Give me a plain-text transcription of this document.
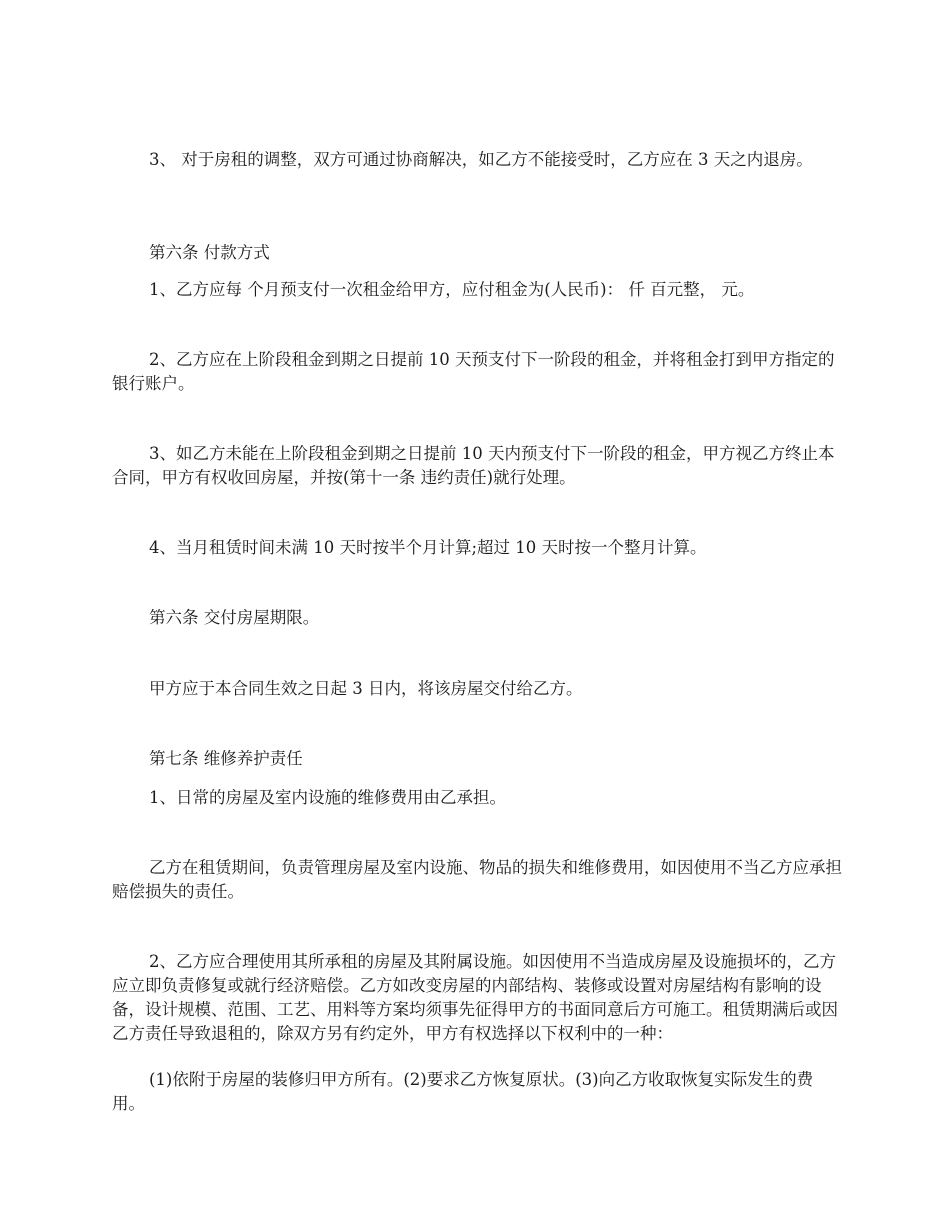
3、 对于房租的调整，双方可通过协商解决，如乙方不能接受时，乙方应在 3 天之内退房。

第六条 付款方式

1、乙方应每 个月预支付一次租金给甲方，应付租金为(人民币)： 仟 百元整， 元。

2、乙方应在上阶段租金到期之日提前 10 天预支付下一阶段的租金，并将租金打到甲方指定的银行账户。

3、如乙方未能在上阶段租金到期之日提前 10 天内预支付下一阶段的租金，甲方视乙方终止本合同，甲方有权收回房屋，并按(第十一条 违约责任)就行处理。

4、当月租赁时间未满 10 天时按半个月计算;超过 10 天时按一个整月计算。

第六条 交付房屋期限。

甲方应于本合同生效之日起 3 日内，将该房屋交付给乙方。

第七条 维修养护责任

1、日常的房屋及室内设施的维修费用由乙承担。

乙方在租赁期间，负责管理房屋及室内设施、物品的损失和维修费用，如因使用不当乙方应承担赔偿损失的责任。

2、乙方应合理使用其所承租的房屋及其附属设施。如因使用不当造成房屋及设施损坏的，乙方应立即负责修复或就行经济赔偿。乙方如改变房屋的内部结构、装修或设置对房屋结构有影响的设备，设计规模、范围、工艺、用料等方案均须事先征得甲方的书面同意后方可施工。租赁期满后或因乙方责任导致退租的，除双方另有约定外，甲方有权选择以下权利中的一种：

(1)依附于房屋的装修归甲方所有。(2)要求乙方恢复原状。(3)向乙方收取恢复实际发生的费用。
